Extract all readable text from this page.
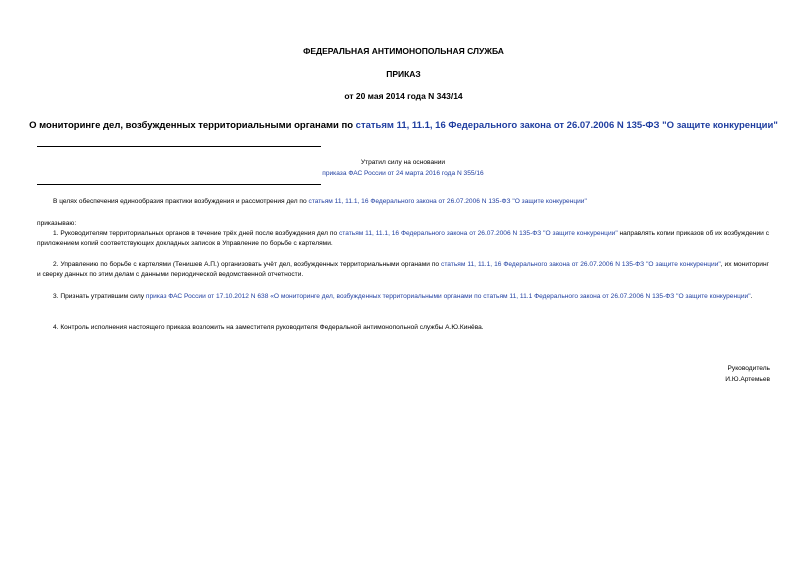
ФЕДЕРАЛЬНАЯ АНТИМОНОПОЛЬНАЯ СЛУЖБА
ПРИКАЗ
от 20 мая 2014 года N 343/14
О мониторинге дел, возбужденных территориальными органами по статьям 11, 11.1, 16 Федерального закона от 26.07.2006 N 135-ФЗ "О защите конкуренции"
Утратил силу на основании
приказа ФАС России от 24 марта 2016 года N 355/16
В целях обеспечения единообразия практики возбуждения и рассмотрения дел по статьям 11, 11.1, 16 Федерального закона от 26.07.2006 N 135-ФЗ "О защите конкуренции"
приказываю:
1. Руководителям территориальных органов в течение трёх дней после возбуждения дел по статьям 11, 11.1, 16 Федерального закона от 26.07.2006 N 135-ФЗ "О защите конкуренции" направлять копии приказов об их возбуждении с приложением копий соответствующих докладных записок в Управление по борьбе с картелями.
2. Управлению по борьбе с картелями (Тенишев А.П.) организовать учёт дел, возбужденных территориальными органами по статьям 11, 11.1, 16 Федерального закона от 26.07.2006 N 135-ФЗ "О защите конкуренции", их мониторинг и сверку данных по этим делам с данными периодической ведомственной отчетности.
3. Признать утратившим силу приказ ФАС России от 17.10.2012 N 638 «О мониторинге дел, возбужденных территориальными органами по статьям 11, 11.1 Федерального закона от 26.07.2006 N 135-ФЗ "О защите конкуренции".
4. Контроль исполнения настоящего приказа возложить на заместителя руководителя Федеральной антимонопольной службы А.Ю.Кинёва.
Руководитель
И.Ю.Артемьев
